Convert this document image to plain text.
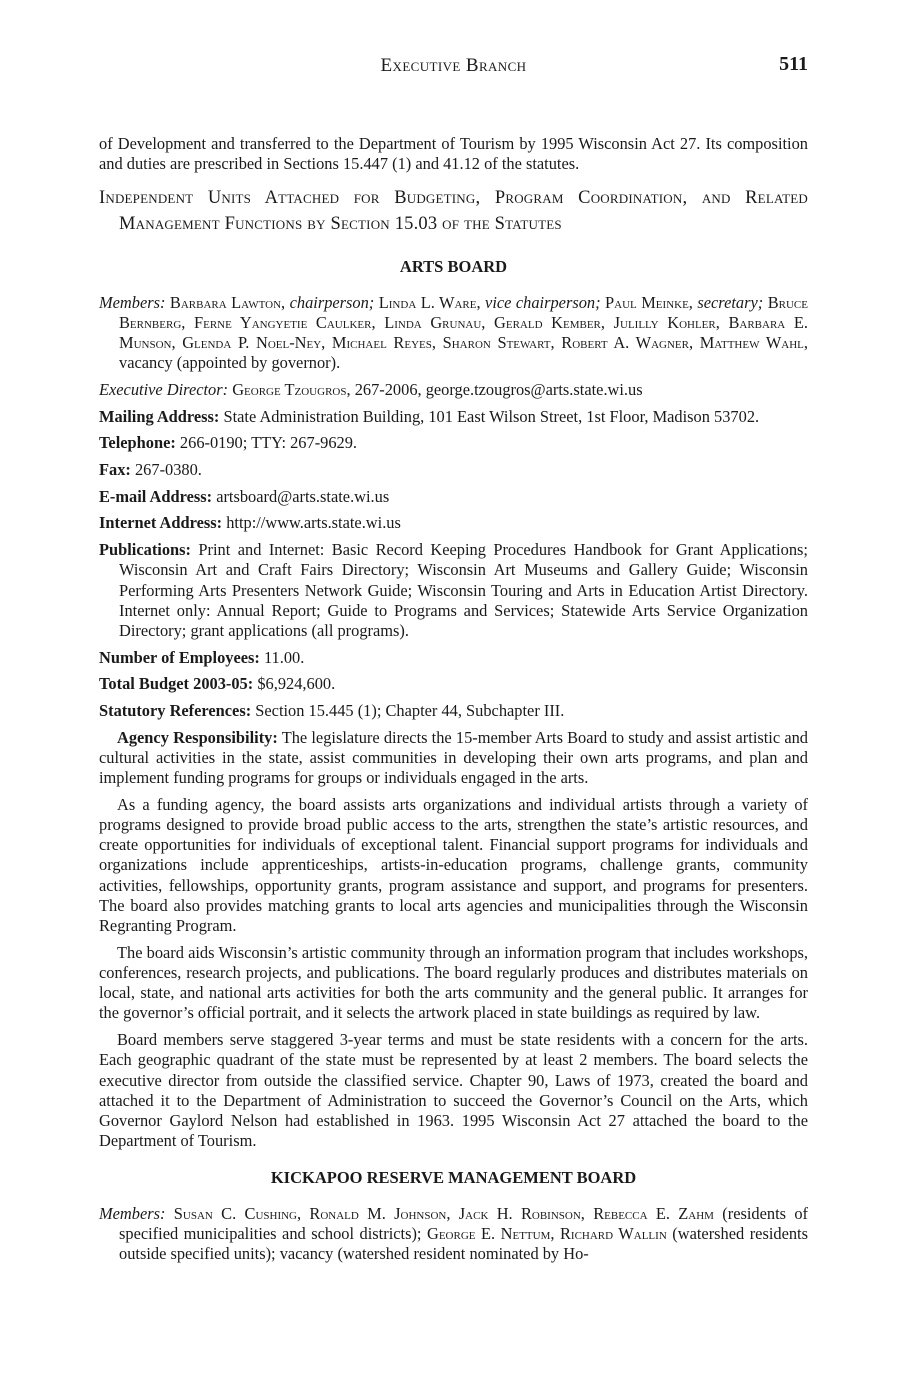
Executive Branch	511

of Development and transferred to the Department of Tourism by 1995 Wisconsin Act 27. Its composition and duties are prescribed in Sections 15.447 (1) and 41.12 of the statutes.

Independent Units Attached for Budgeting, Program Coordination, and Related Management Functions by Section 15.03 of the Statutes

ARTS BOARD

Members: Barbara Lawton, chairperson; Linda L. Ware, vice chairperson; Paul Meinke, secretary; Bruce Bernberg, Ferne Yangyetie Caulker, Linda Grunau, Gerald Kember, Julilly Kohler, Barbara E. Munson, Glenda P. Noel-Ney, Michael Reyes, Sharon Stewart, Robert A. Wagner, Matthew Wahl, vacancy (appointed by governor).

Executive Director: George Tzougros, 267-2006, george.tzougros@arts.state.wi.us

Mailing Address: State Administration Building, 101 East Wilson Street, 1st Floor, Madison 53702.

Telephone: 266-0190; TTY: 267-9629.

Fax: 267-0380.

E-mail Address: artsboard@arts.state.wi.us

Internet Address: http://www.arts.state.wi.us

Publications: Print and Internet: Basic Record Keeping Procedures Handbook for Grant Applications; Wisconsin Art and Craft Fairs Directory; Wisconsin Art Museums and Gallery Guide; Wisconsin Performing Arts Presenters Network Guide; Wisconsin Touring and Arts in Education Artist Directory. Internet only: Annual Report; Guide to Programs and Services; Statewide Arts Service Organization Directory; grant applications (all programs).

Number of Employees: 11.00.

Total Budget 2003-05: $6,924,600.

Statutory References: Section 15.445 (1); Chapter 44, Subchapter III.

Agency Responsibility: The legislature directs the 15-member Arts Board to study and assist artistic and cultural activities in the state, assist communities in developing their own arts programs, and plan and implement funding programs for groups or individuals engaged in the arts.

As a funding agency, the board assists arts organizations and individual artists through a variety of programs designed to provide broad public access to the arts, strengthen the state’s artistic resources, and create opportunities for individuals of exceptional talent. Financial support programs for individuals and organizations include apprenticeships, artists-in-education programs, challenge grants, community activities, fellowships, opportunity grants, program assistance and support, and programs for presenters. The board also provides matching grants to local arts agencies and municipalities through the Wisconsin Regranting Program.

The board aids Wisconsin’s artistic community through an information program that includes workshops, conferences, research projects, and publications. The board regularly produces and distributes materials on local, state, and national arts activities for both the arts community and the general public. It arranges for the governor’s official portrait, and it selects the artwork placed in state buildings as required by law.

Board members serve staggered 3-year terms and must be state residents with a concern for the arts. Each geographic quadrant of the state must be represented by at least 2 members. The board selects the executive director from outside the classified service. Chapter 90, Laws of 1973, created the board and attached it to the Department of Administration to succeed the Governor’s Council on the Arts, which Governor Gaylord Nelson had established in 1963. 1995 Wisconsin Act 27 attached the board to the Department of Tourism.

KICKAPOO RESERVE MANAGEMENT BOARD

Members: Susan C. Cushing, Ronald M. Johnson, Jack H. Robinson, Rebecca E. Zahm (residents of specified municipalities and school districts); George E. Nettum, Richard Wallin (watershed residents outside specified units); vacancy (watershed resident nominated by Ho-
